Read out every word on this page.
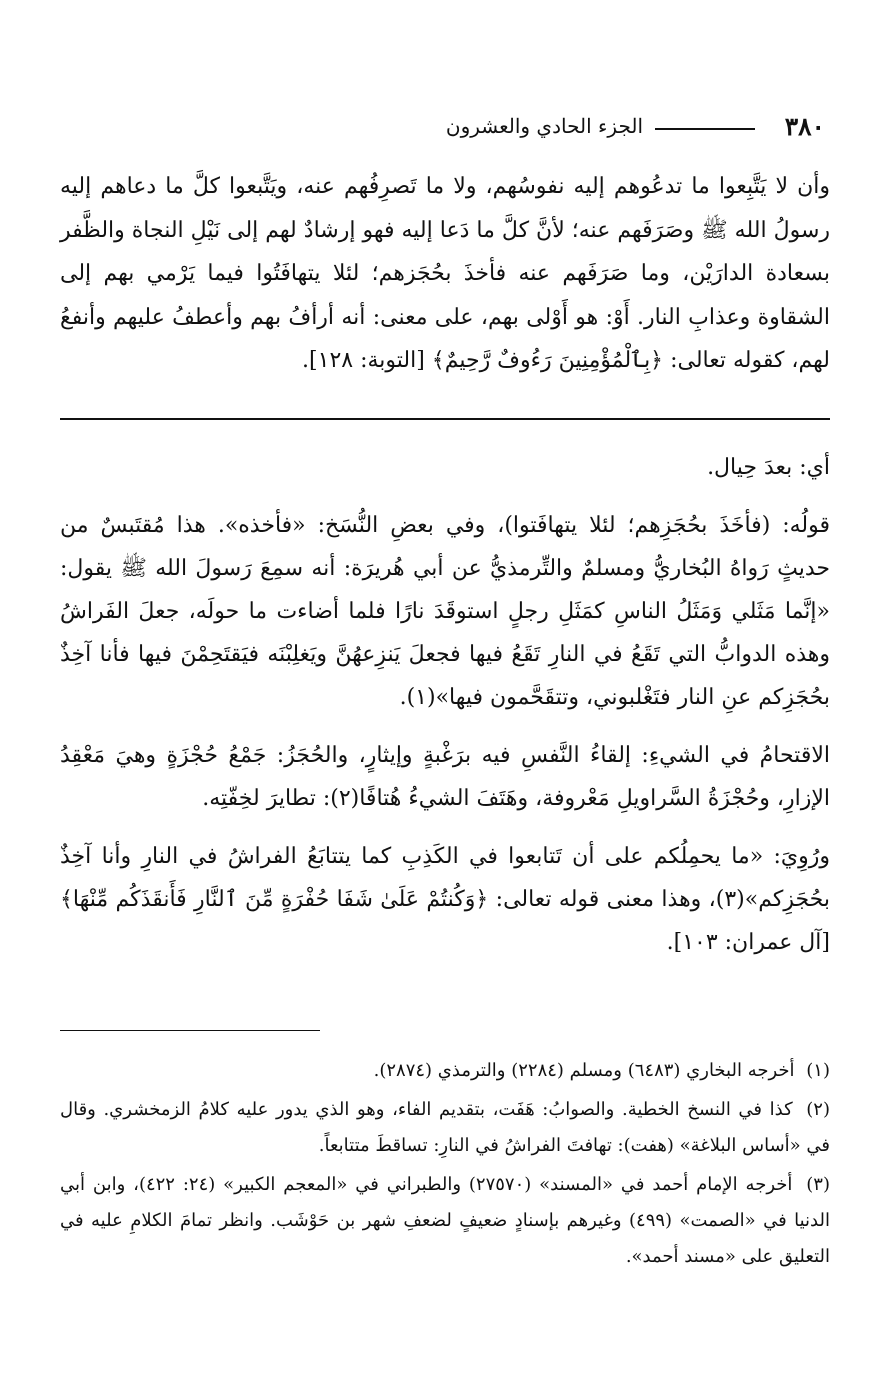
٣٨٠
الجزء الحادي والعشرون

وأن لا يَتَّبِعوا ما تدعُوهم إليه نفوسُهم، ولا ما تَصرِفُهم عنه، ويَتَّبعوا كلَّ ما دعاهم إليه رسولُ الله ﷺ وصَرَفَهم عنه؛ لأنَّ كلَّ ما دَعا إليه فهو إرشادٌ لهم إلى نَيْلِ النجاة والظَّفر بسعادة الدارَيْن، وما صَرَفَهم عنه فأخذَ بحُجَزهم؛ لئلا يتهافَتُوا فيما يَرْمي بهم إلى الشقاوة وعذابِ النار. أَوْ: هو أَوْلى بهم، على معنى: أنه أرأفُ بهم وأعطفُ عليهم وأنفعُ لهم، كقوله تعالى: ﴿بِٱلْمُؤْمِنِينَ رَءُوفٌ رَّحِيمٌ﴾ [التوبة: ١٢٨].

أي: بعدَ حِيال.

قولُه: (فأخَذَ بحُجَزِهم؛ لئلا يتهافَتوا)، وفي بعضِ النُّسَخ: «فأخذه». هذا مُقتَبسٌ من حديثٍ رَواهُ البُخاريُّ ومسلمٌ والتِّرمذيُّ عن أبي هُريرَة: أنه سمِعَ رَسولَ الله ﷺ يقول: «إنَّما مَثَلي وَمَثَلُ الناسِ كمَثَلِ رجلٍ استوقَدَ نارًا فلما أضاءت ما حولَه، جعلَ الفَراشُ وهذه الدوابُّ التي تَقَعُ في النارِ تَقَعُ فيها فجعلَ يَنزِعهُنَّ ويَغلِبْنَه فيَقتَحِمْنَ فيها فأنا آخِذٌ بحُجَزِكم عنِ النار فتَغْلبوني، وتتقَحَّمون فيها»(١).

الاقتحامُ في الشيءِ: إلقاءُ النَّفسِ فيه برَغْبةٍ وإيثارٍ، والحُجَزُ: جَمْعُ حُجْزَةٍ وهيَ مَعْقِدُ الإزارِ، وحُجْزَةُ السَّراويلِ مَعْروفة، وهَتَفَ الشيءُ هُتافًا(٢): تطايرَ لخِفّتِه.

ورُوِيَ: «ما يحمِلُكم على أن تَتابعوا في الكَذِبِ كما يتتابَعُ الفراشُ في النارِ وأنا آخِذٌ بحُجَزِكم»(٣)، وهذا معنى قوله تعالى: ﴿وَكُنتُمْ عَلَىٰ شَفَا حُفْرَةٍ مِّنَ ٱلنَّارِ فَأَنقَذَكُم مِّنْهَا﴾ [آل عمران: ١٠٣].

(١) أخرجه البخاري (٦٤٨٣) ومسلم (٢٢٨٤) والترمذي (٢٨٧٤).

(٢) كذا في النسخ الخطية. والصوابُ: هَفَت، بتقديم الفاء، وهو الذي يدور عليه كلامُ الزمخشري. وقال في «أساس البلاغة» (هفت): تهافتَ الفراشُ في النارِ: تساقطَ متتابعاً.

(٣) أخرجه الإمام أحمد في «المسند» (٢٧٥٧٠) والطبراني في «المعجم الكبير» (٢٤: ٤٢٢)، وابن أبي الدنيا في «الصمت» (٤٩٩) وغيرهم بإسنادٍ ضعيفٍ لضعفِ شهر بن حَوْشَب. وانظر تمامَ الكلامِ عليه في التعليق على «مسند أحمد».
